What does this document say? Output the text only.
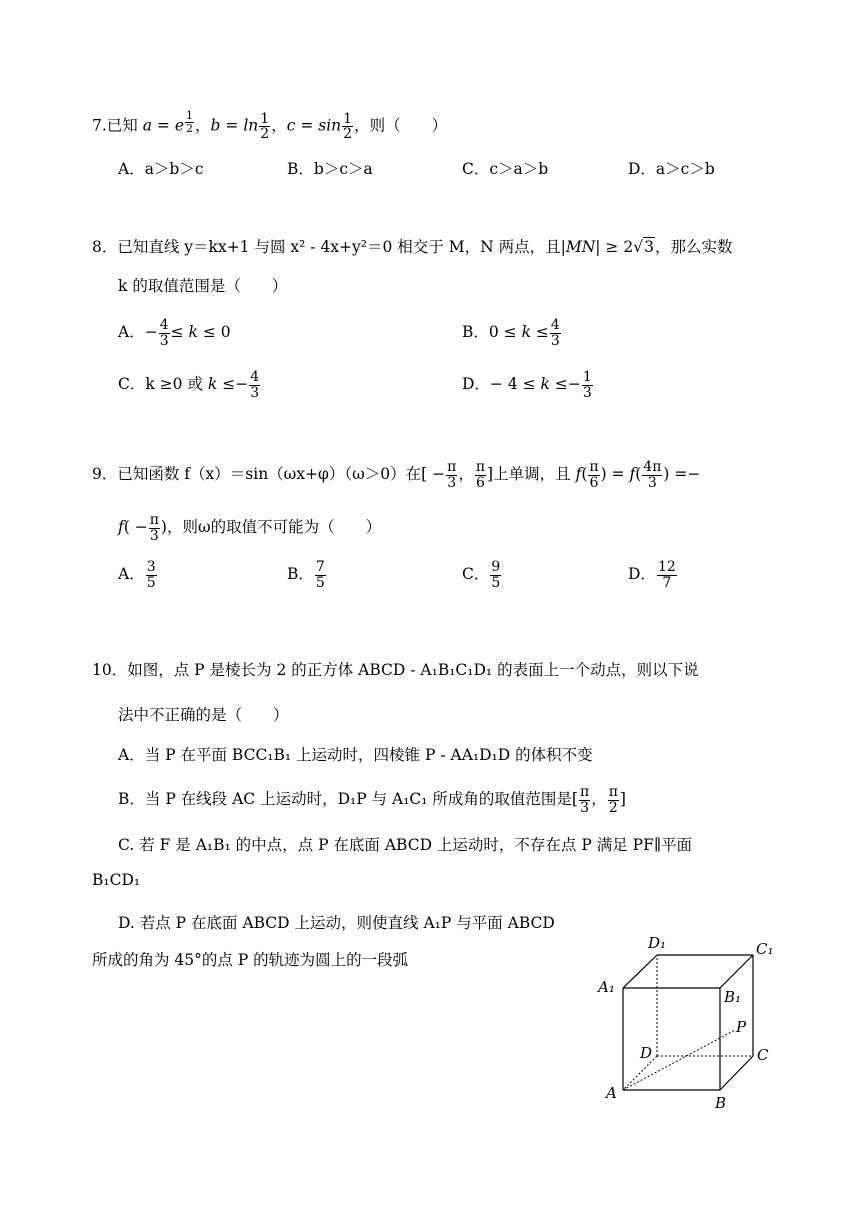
7.已知 a = e $^{\frac{1}{2}}$ ，$b = \ln \frac{1}{2}$ ，$c = \sin \frac{1}{2}$ ，则（　　）
A．a＞b＞c	B．b＞c＞a	C．c＞a＞b	D．a＞c＞b
8．已知直线 y＝kx+1 与圆 x² - 4x+y²＝0 相交于 M，N 两点，且|MN| ≥ 2√3，那么实数
k 的取值范围是（　　）
A．− $\frac{4}{3} \le k \le 0$	B．$0 \le k \le \frac{4}{3}$
C．k ≥0 或 $k \le- \frac{4}{3}$	D．− $4 \le k \le- \frac{1}{3}$
9．已知函数 f（x）＝sin（ωx+φ）（ω＞0）在[ − $\frac{\pi}{3}$ ， $\frac{\pi}{6}$ ]上单调，且 $f( \frac{\pi}{6}$ ) = $f( \frac{4\pi}{3}$ ) =−
$f( - \frac{\pi}{3}$ )，则ω的取值不可能为（　　）
A． $\frac{3}{5}$	B． $\frac{7}{5}$	C． $\frac{9}{5}$	D． $\frac{12}{7}$
10．如图，点 P 是棱长为 2 的正方体 ABCD - A₁B₁C₁D₁ 的表面上一个动点，则以下说
法中不正确的是（　　）
A．当 P 在平面 BCC₁B₁ 上运动时，四棱锥 P - AA₁D₁D 的体积不变
B．当 P 在线段 AC 上运动时，D₁P 与 A₁C₁ 所成角的取值范围是[ $\frac{\pi}{3}$ ， $\frac{\pi}{2}$ ]
C. 若 F 是 A₁B₁ 的中点，点 P 在底面 ABCD 上运动时，不存在点 P 满足 PF∥平面
B₁CD₁
D. 若点 P 在底面 ABCD 上运动，则使直线 A₁P 与平面 ABCD
所成的角为 45°的点 P 的轨迹为圆上的一段弧
A
B
C
D
A₁
B₁
C₁
D₁
P
